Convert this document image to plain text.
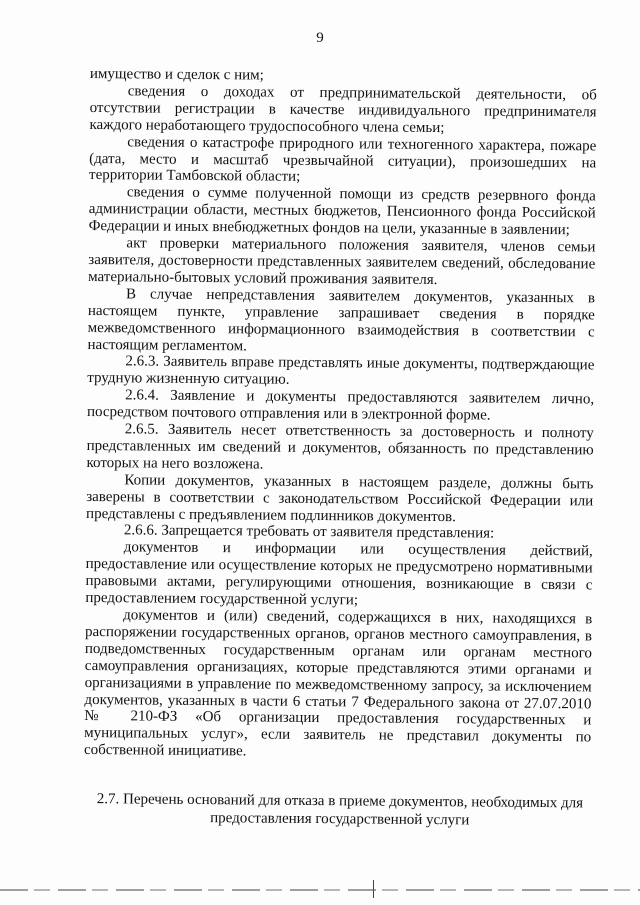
9

имущество и сделок с ним;

сведения о доходах от предпринимательской деятельности, об отсутствии регистрации в качестве индивидуального предпринимателя каждого неработающего трудоспособного члена семьи;

сведения о катастрофе природного или техногенного характера, пожаре (дата, место и масштаб чрезвычайной ситуации), произошедших на территории Тамбовской области;

сведения о сумме полученной помощи из средств резервного фонда администрации области, местных бюджетов, Пенсионного фонда Российской Федерации и иных внебюджетных фондов на цели, указанные в заявлении;

акт проверки материального положения заявителя, членов семьи заявителя, достоверности представленных заявителем сведений, обследование материально-бытовых условий проживания заявителя.

В случае непредставления заявителем документов, указанных в настоящем пункте, управление запрашивает сведения в порядке межведомственного информационного взаимодействия в соответствии с настоящим регламентом.

2.6.3. Заявитель вправе представлять иные документы, подтверждающие трудную жизненную ситуацию.

2.6.4. Заявление и документы предоставляются заявителем лично, посредством почтового отправления или в электронной форме.

2.6.5. Заявитель несет ответственность за достоверность и полноту представленных им сведений и документов, обязанность по представлению которых на него возложена.

Копии документов, указанных в настоящем разделе, должны быть заверены в соответствии с законодательством Российской Федерации или представлены с предъявлением подлинников документов.

2.6.6. Запрещается требовать от заявителя представления:

документов и информации или осуществления действий, предоставление или осуществление которых не предусмотрено нормативными правовыми актами, регулирующими отношения, возникающие в связи с предоставлением государственной услуги;

документов и (или) сведений, содержащихся в них, находящихся в распоряжении государственных органов, органов местного самоуправления, в подведомственных государственным органам или органам местного самоуправления организациях, которые представляются этими органами и организациями в управление по межведомственному запросу, за исключением документов, указанных в части 6 статьи 7 Федерального закона от 27.07.2010 № 210-ФЗ «Об организации предоставления государственных и муниципальных услуг», если заявитель не представил документы по собственной инициативе.

2.7. Перечень оснований для отказа в приеме документов, необходимых для предоставления государственной услуги
